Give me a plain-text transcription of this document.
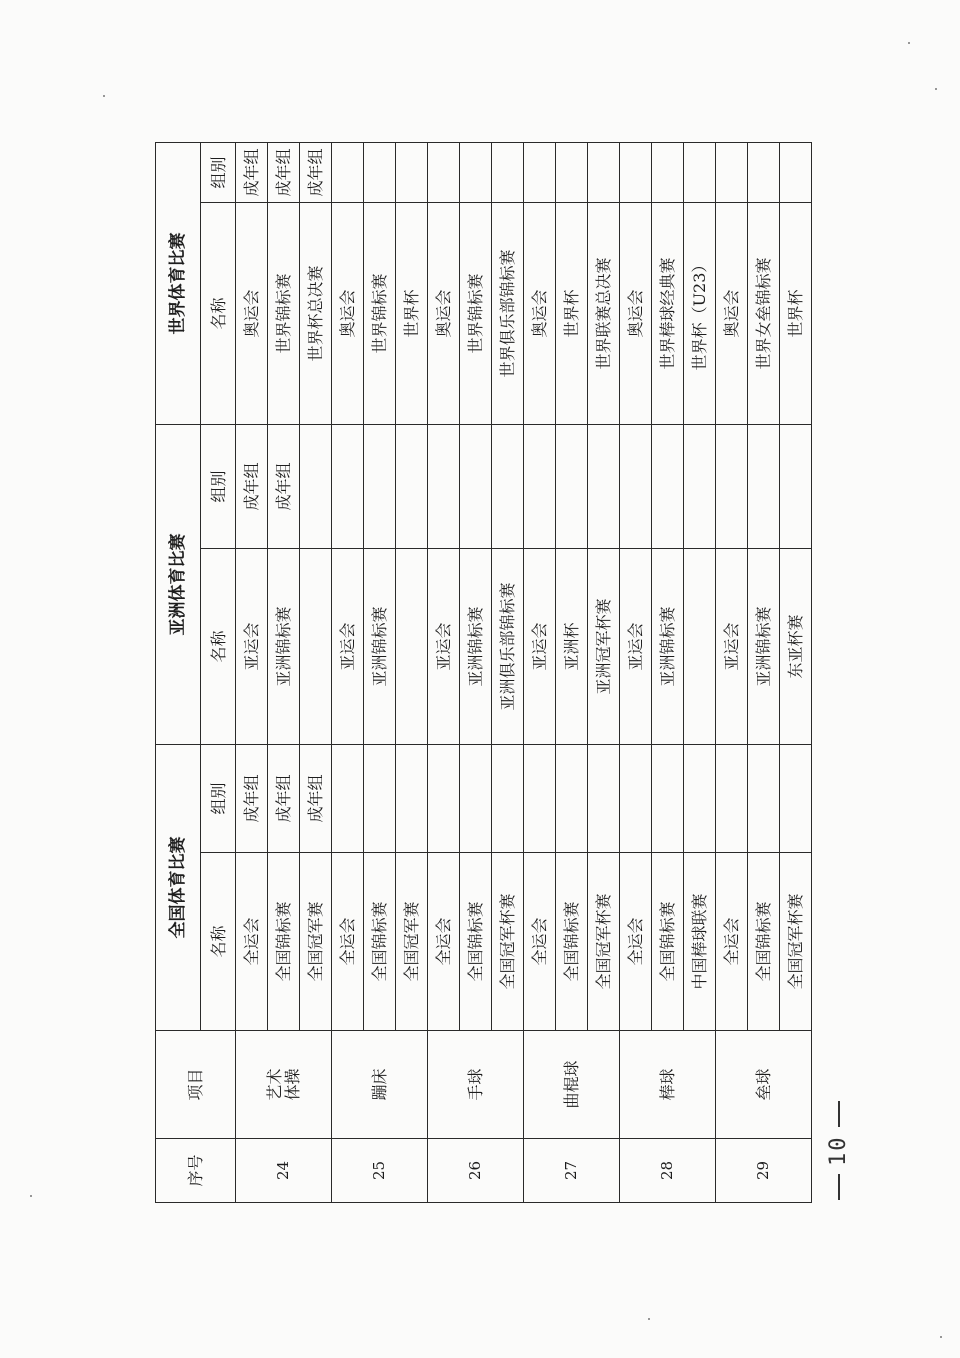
序号	项目	全国体育比赛		亚洲体育比赛		世界体育比赛	
		名称	组别	名称	组别	名称	组别
24	艺术 体操	全运会	成年组	亚运会	成年组	奥运会	成年组
		全国锦标赛	成年组	亚洲锦标赛	成年组	世界锦标赛	成年组
		全国冠军赛	成年组			世界杯总决赛	成年组
25	蹦床	全运会		亚运会		奥运会	
		全国锦标赛		亚洲锦标赛		世界锦标赛	
		全国冠军赛				世界杯	
26	手球	全运会		亚运会		奥运会	
		全国锦标赛		亚洲锦标赛		世界锦标赛	
		全国冠军杯赛		亚洲俱乐部锦标赛		世界俱乐部锦标赛	
27	曲棍球	全运会		亚运会		奥运会	
		全国锦标赛		亚洲杯		世界杯	
		全国冠军杯赛		亚洲冠军杯赛		世界联赛总决赛	
28	棒球	全运会		亚运会		奥运会	
		全国锦标赛		亚洲锦标赛		世界棒球经典赛	
		中国棒球联赛				世界杯（U23）	
29	垒球	全运会		亚运会		奥运会	
		全国锦标赛		亚洲锦标赛		世界女垒锦标赛	
		全国冠军杯赛		东亚杯赛		世界杯	
10
